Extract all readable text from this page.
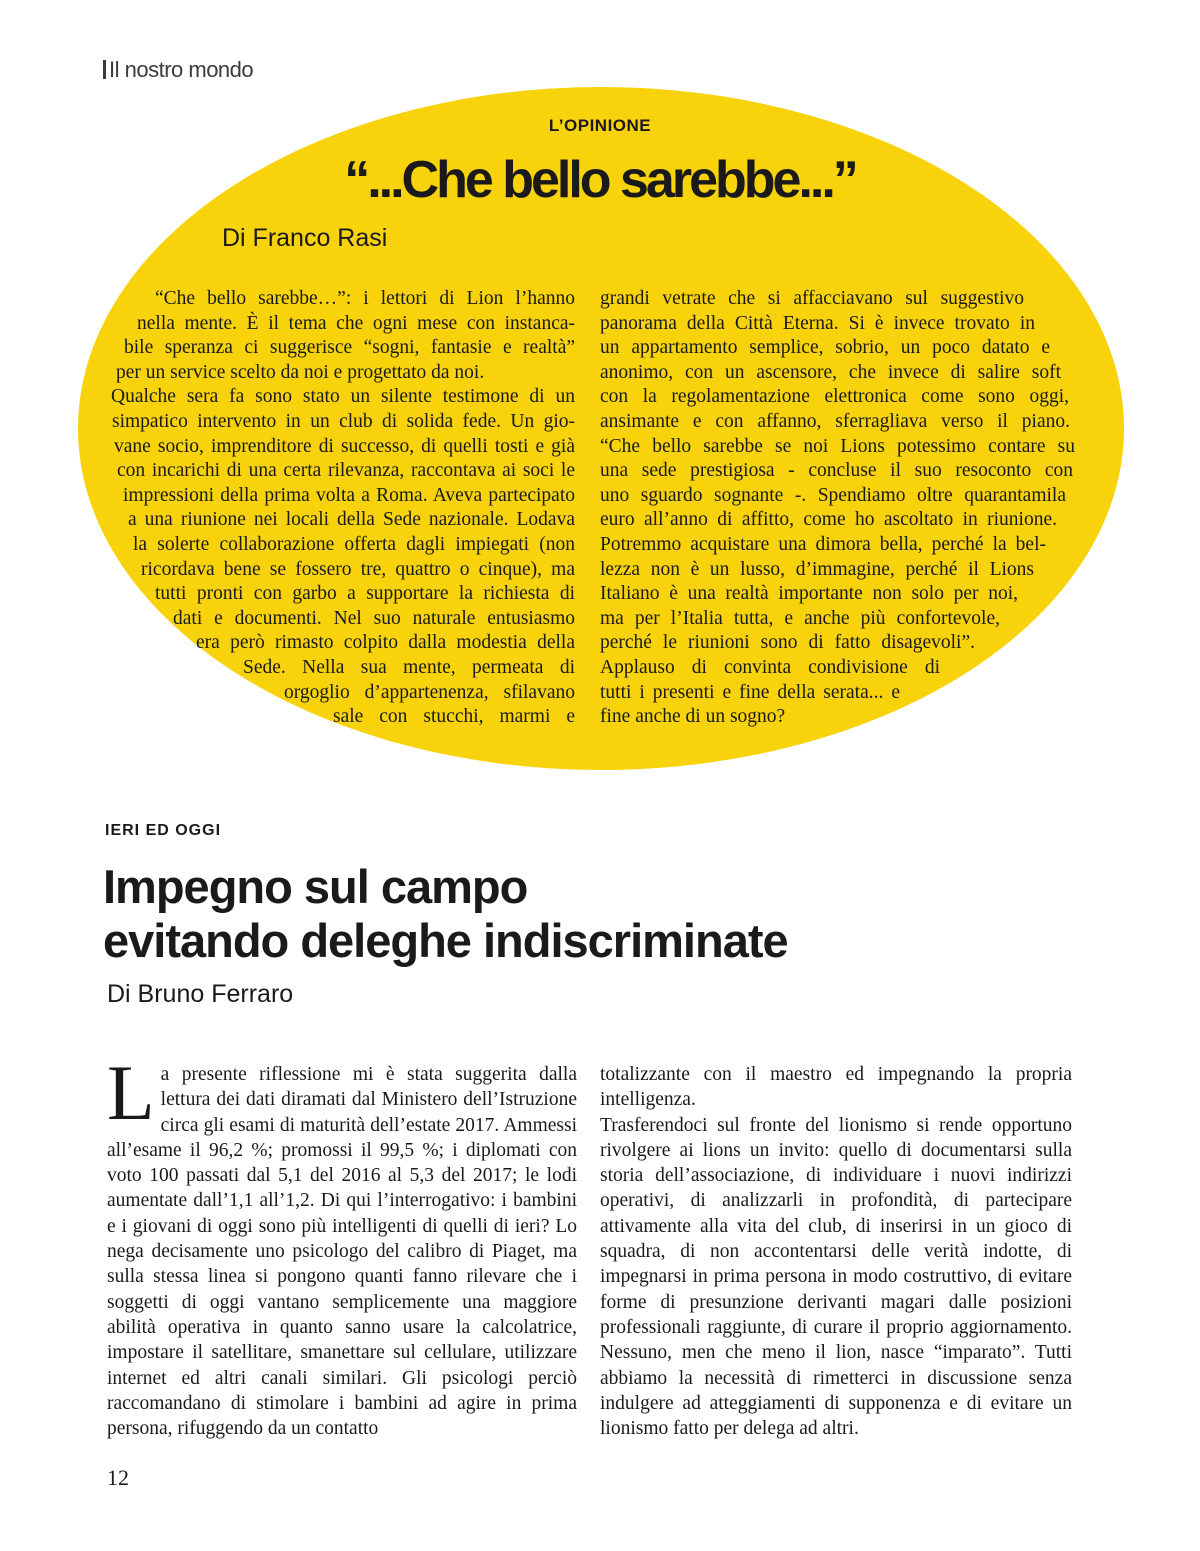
Il nostro mondo
L’OPINIONE
“...Che bello sarebbe...”
Di Franco Rasi
“Che bello sarebbe…”: i lettori di Lion l’hanno
nella mente. È il tema che ogni mese con instanca-
bile speranza ci suggerisce “sogni, fantasie e realtà”
per un service scelto da noi e progettato da noi.
Qualche sera fa sono stato un silente testimone di un
simpatico intervento in un club di solida fede. Un gio-
vane socio, imprenditore di successo, di quelli tosti e già
con incarichi di una certa rilevanza, raccontava ai soci le
impressioni della prima volta a Roma. Aveva partecipato
a una riunione nei locali della Sede nazionale. Lodava
la solerte collaborazione offerta dagli impiegati (non
ricordava bene se fossero tre, quattro o cinque), ma
tutti pronti con garbo a supportare la richiesta di
dati e documenti. Nel suo naturale entusiasmo
era però rimasto colpito dalla modestia della
Sede. Nella sua mente, permeata di
orgoglio d’appartenenza, sfilavano
sale con stucchi, marmi e
grandi vetrate che si affacciavano sul suggestivo
panorama della Città Eterna. Si è invece trovato in
un appartamento semplice, sobrio, un poco datato e
anonimo, con un ascensore, che invece di salire soft
con la regolamentazione elettronica come sono oggi,
ansimante e con affanno, sferragliava verso il piano.
“Che bello sarebbe se noi Lions potessimo contare su
una sede prestigiosa - concluse il suo resoconto con
uno sguardo sognante -. Spendiamo oltre quarantamila
euro all’anno di affitto, come ho ascoltato in riunione.
Potremmo acquistare una dimora bella, perché la bel-
lezza non è un lusso, d’immagine, perché il Lions
Italiano è una realtà importante non solo per noi,
ma per l’Italia tutta, e anche più confortevole,
perché le riunioni sono di fatto disagevoli”.
Applauso di convinta condivisione di
tutti i presenti e fine della serata... e
fine anche di un sogno?
IERI ED OGGI
Impegno sul campo
evitando deleghe indiscriminate
Di Bruno Ferraro

La presente riflessione mi è stata suggerita dalla lettura dei dati diramati dal Ministero dell’Istruzione circa gli esami di maturità dell’estate 2017. Ammessi all’esame il 96,2 %; promossi il 99,5 %; i diplomati con voto 100 passati dal 5,1 del 2016 al 5,3 del 2017; le lodi aumentate dall’1,1 all’1,2. Di qui l’interrogativo: i bambini e i giovani di oggi sono più intelligenti di quelli di ieri? Lo nega decisamente uno psicologo del calibro di Piaget, ma sulla stessa linea si pongono quanti fanno rilevare che i soggetti di oggi vantano semplicemente una maggiore abilità operativa in quanto sanno usare la calcolatrice, impostare il satellitare, smanettare sul cellulare, utilizzare internet ed altri canali similari. Gli psicologi perciò raccomandano di stimolare i bambini ad agire in prima persona, rifuggendo da un contatto

totalizzante con il maestro ed impegnando la propria intelligenza.

Trasferendoci sul fronte del lionismo si rende opportuno rivolgere ai lions un invito: quello di documentarsi sulla storia dell’associazione, di individuare i nuovi indirizzi operativi, di analizzarli in profondità, di partecipare attivamente alla vita del club, di inserirsi in un gioco di squadra, di non accontentarsi delle verità indotte, di impegnarsi in prima persona in modo costruttivo, di evitare forme di presunzione derivanti magari dalle posizioni professionali raggiunte, di curare il proprio aggiornamento. Nessuno, men che meno il lion, nasce “imparato”. Tutti abbiamo la necessità di rimetterci in discussione senza indulgere ad atteggiamenti di supponenza e di evitare un lionismo fatto per delega ad altri.

12
